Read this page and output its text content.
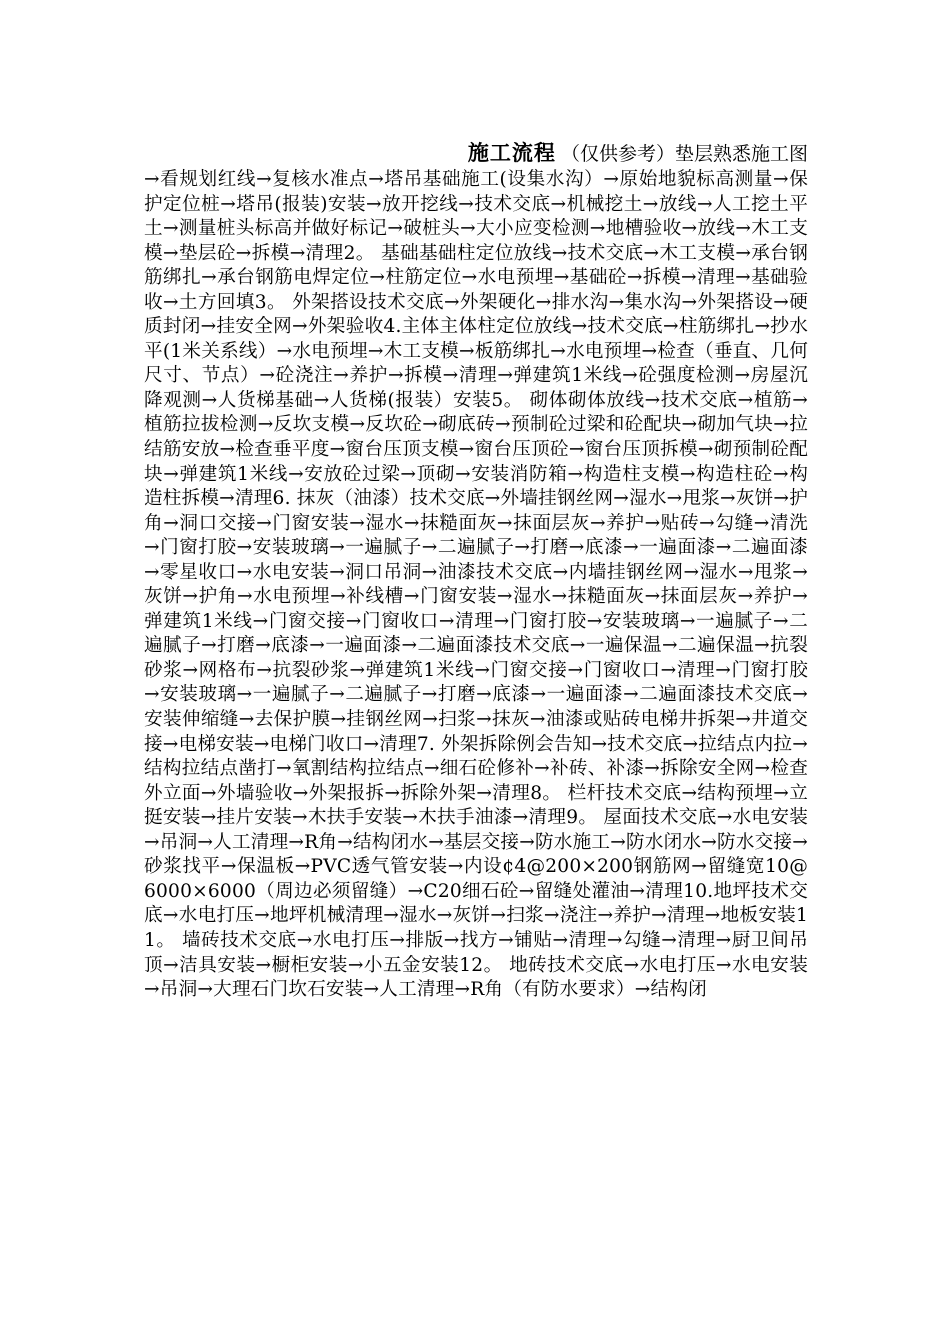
施工流程 （仅供参考）垫层熟悉施工图

→看规划红线→复核水准点→塔吊基础施工(设集水沟）→原始地貌标高测量→保护定位桩→塔吊(报装)安装→放开挖线→技术交底→机械挖土→放线→人工挖土平土→测量桩头标高并做好标记→破桩头→大小应变检测→地槽验收→放线→木工支模→垫层砼→拆模→清理2。 基础基础柱定位放线→技术交底→木工支模→承台钢筋绑扎→承台钢筋电焊定位→柱筋定位→水电预埋→基础砼→拆模→清理→基础验收→土方回填3。 外架搭设技术交底→外架硬化→排水沟→集水沟→外架搭设→硬质封闭→挂安全网→外架验收4.主体主体柱定位放线→技术交底→柱筋绑扎→抄水平(1米关系线）→水电预埋→木工支模→板筋绑扎→水电预埋→检查（垂直、几何尺寸、节点）→砼浇注→养护→拆模→清理→弹建筑1米线→砼强度检测→房屋沉降观测→人货梯基础→人货梯(报装）安装5。 砌体砌体放线→技术交底→植筋→植筋拉拔检测→反坎支模→反坎砼→砌底砖→预制砼过梁和砼配块→砌加气块→拉结筋安放→检查垂平度→窗台压顶支模→窗台压顶砼→窗台压顶拆模→砌预制砼配块→弹建筑1米线→安放砼过梁→顶砌→安装消防箱→构造柱支模→构造柱砼→构造柱拆模→清理6. 抹灰（油漆）技术交底→外墙挂钢丝网→湿水→甩浆→灰饼→护角→洞口交接→门窗安装→湿水→抹糙面灰→抹面层灰→养护→贴砖→勾缝→清洗→门窗打胶→安装玻璃→一遍腻子→二遍腻子→打磨→底漆→一遍面漆→二遍面漆→零星收口→水电安装→洞口吊洞→油漆技术交底→内墙挂钢丝网→湿水→甩浆→灰饼→护角→水电预埋→补线槽→门窗安装→湿水→抹糙面灰→抹面层灰→养护→弹建筑1米线→门窗交接→门窗收口→清理→门窗打胶→安装玻璃→一遍腻子→二遍腻子→打磨→底漆→一遍面漆→二遍面漆技术交底→一遍保温→二遍保温→抗裂砂浆→网格布→抗裂砂浆→弹建筑1米线→门窗交接→门窗收口→清理→门窗打胶→安装玻璃→一遍腻子→二遍腻子→打磨→底漆→一遍面漆→二遍面漆技术交底→安装伸缩缝→去保护膜→挂钢丝网→扫浆→抹灰→油漆或贴砖电梯井拆架→井道交接→电梯安装→电梯门收口→清理7. 外架拆除例会告知→技术交底→拉结点内拉→结构拉结点凿打→氧割结构拉结点→细石砼修补→补砖、补漆→拆除安全网→检查外立面→外墙验收→外架报拆→拆除外架→清理8。 栏杆技术交底→结构预埋→立挺安装→挂片安装→木扶手安装→木扶手油漆→清理9。 屋面技术交底→水电安装→吊洞→人工清理→R角→结构闭水→基层交接→防水施工→防水闭水→防水交接→砂浆找平→保温板→PVC透气管安装→内设¢4@200×200钢筋网→留缝宽10@6000×6000（周边必须留缝）→C20细石砼→留缝处灌油→清理10.地坪技术交底→水电打压→地坪机械清理→湿水→灰饼→扫浆→浇注→养护→清理→地板安装11。 墙砖技术交底→水电打压→排版→找方→铺贴→清理→勾缝→清理→厨卫间吊顶→洁具安装→橱柜安装→小五金安装12。 地砖技术交底→水电打压→水电安装→吊洞→大理石门坎石安装→人工清理→R角（有防水要求）→结构闭
